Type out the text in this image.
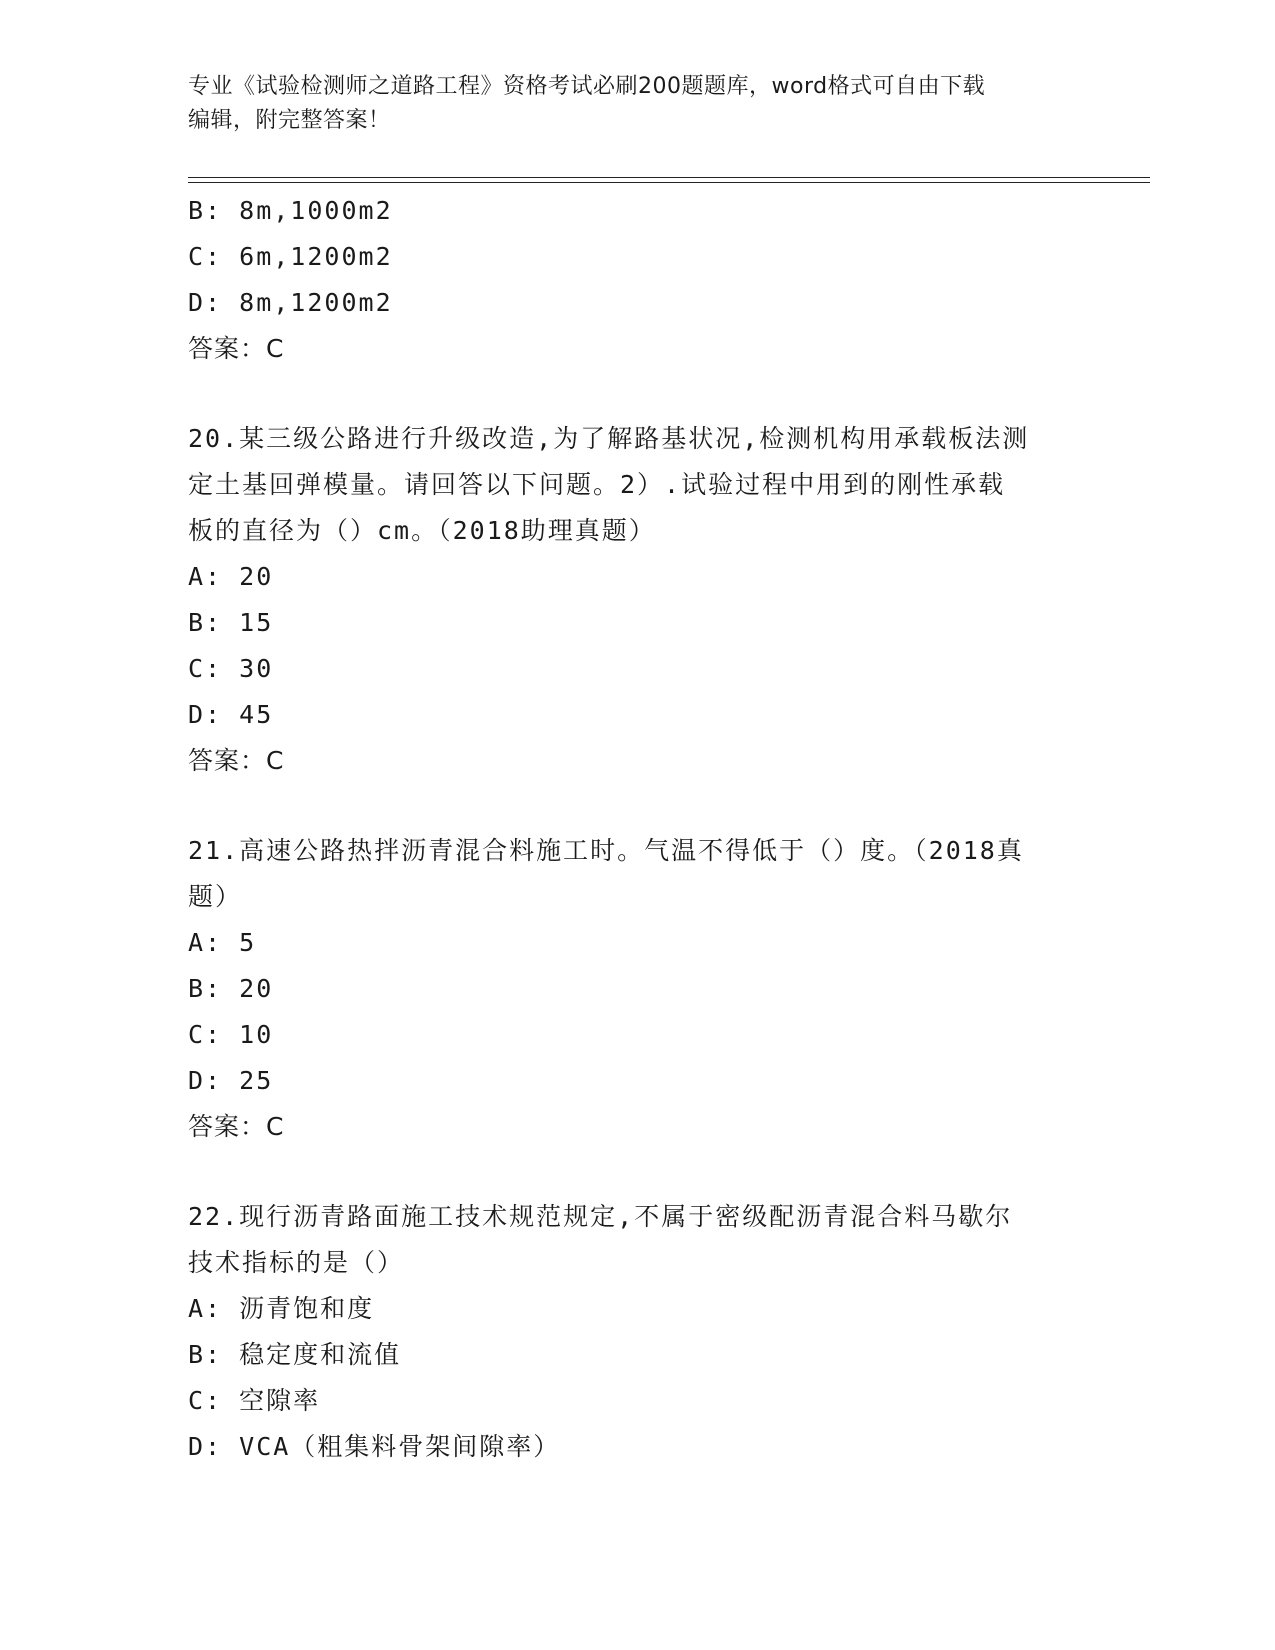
专业《试验检测师之道路工程》资格考试必刷200题题库，word格式可自由下载
编辑，附完整答案！
B: 8m,1000m2
C: 6m,1200m2
D: 8m,1200m2
答案：C
20.某三级公路进行升级改造,为了解路基状况,检测机构用承载板法测
定土基回弹模量。请回答以下问题。2）.试验过程中用到的刚性承载
板的直径为（）cm。（2018助理真题）
A: 20
B: 15
C: 30
D: 45
答案：C
21.高速公路热拌沥青混合料施工时。气温不得低于（）度。（2018真
题）
A: 5
B: 20
C: 10
D: 25
答案：C
22.现行沥青路面施工技术规范规定,不属于密级配沥青混合料马歇尔
技术指标的是（）
A: 沥青饱和度
B: 稳定度和流值
C: 空隙率
D: VCA（粗集料骨架间隙率）
